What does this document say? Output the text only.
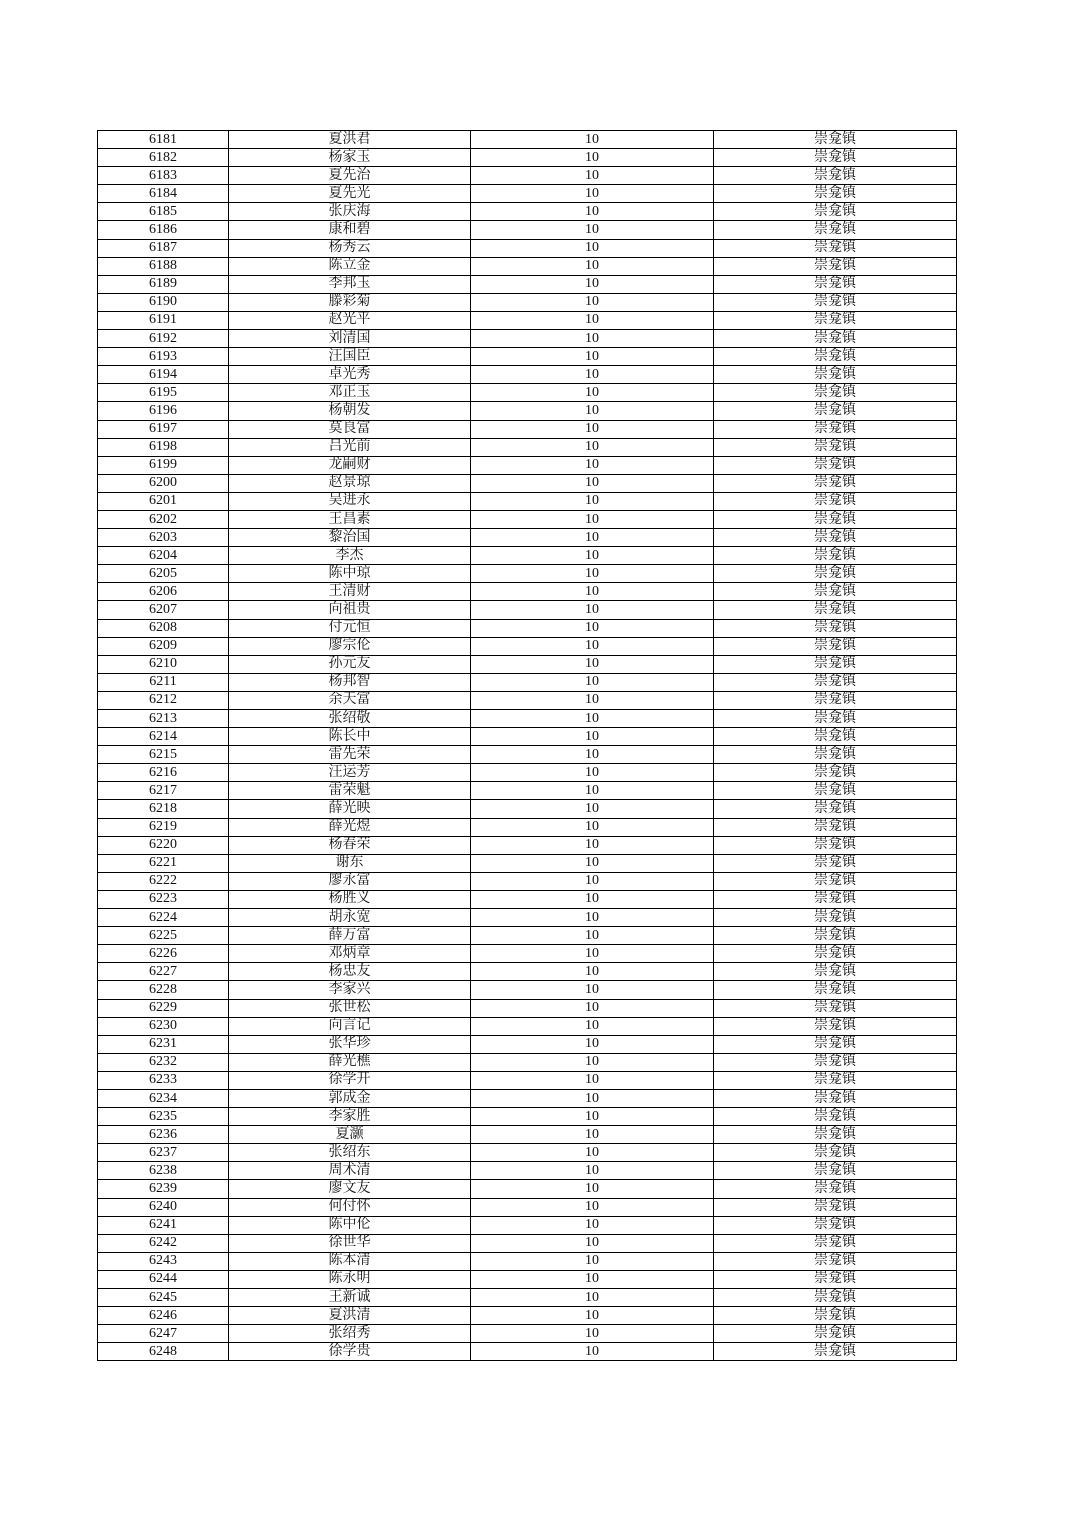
6181	夏洪君	10	崇龛镇
6182	杨家玉	10	崇龛镇
6183	夏先治	10	崇龛镇
6184	夏先光	10	崇龛镇
6185	张庆海	10	崇龛镇
6186	康和碧	10	崇龛镇
6187	杨秀云	10	崇龛镇
6188	陈立金	10	崇龛镇
6189	李邦玉	10	崇龛镇
6190	滕彩菊	10	崇龛镇
6191	赵光平	10	崇龛镇
6192	刘清国	10	崇龛镇
6193	汪国臣	10	崇龛镇
6194	卓光秀	10	崇龛镇
6195	邓正玉	10	崇龛镇
6196	杨朝发	10	崇龛镇
6197	莫良富	10	崇龛镇
6198	吕光前	10	崇龛镇
6199	龙嗣财	10	崇龛镇
6200	赵景琼	10	崇龛镇
6201	吴进永	10	崇龛镇
6202	王昌素	10	崇龛镇
6203	黎治国	10	崇龛镇
6204	李杰	10	崇龛镇
6205	陈中琼	10	崇龛镇
6206	王清财	10	崇龛镇
6207	向祖贵	10	崇龛镇
6208	付元恒	10	崇龛镇
6209	廖宗伦	10	崇龛镇
6210	孙元友	10	崇龛镇
6211	杨邦智	10	崇龛镇
6212	余天富	10	崇龛镇
6213	张绍敬	10	崇龛镇
6214	陈长中	10	崇龛镇
6215	雷先荣	10	崇龛镇
6216	汪运芳	10	崇龛镇
6217	雷荣魁	10	崇龛镇
6218	薛光映	10	崇龛镇
6219	薛光煜	10	崇龛镇
6220	杨春荣	10	崇龛镇
6221	谢东	10	崇龛镇
6222	廖永富	10	崇龛镇
6223	杨胜义	10	崇龛镇
6224	胡永宽	10	崇龛镇
6225	薛万富	10	崇龛镇
6226	邓炳章	10	崇龛镇
6227	杨忠友	10	崇龛镇
6228	李家兴	10	崇龛镇
6229	张世松	10	崇龛镇
6230	向言记	10	崇龛镇
6231	张华珍	10	崇龛镇
6232	薛光樵	10	崇龛镇
6233	徐学开	10	崇龛镇
6234	郭成金	10	崇龛镇
6235	李家胜	10	崇龛镇
6236	夏灏	10	崇龛镇
6237	张绍东	10	崇龛镇
6238	周术清	10	崇龛镇
6239	廖文友	10	崇龛镇
6240	何付怀	10	崇龛镇
6241	陈中伦	10	崇龛镇
6242	徐世华	10	崇龛镇
6243	陈本清	10	崇龛镇
6244	陈永明	10	崇龛镇
6245	王新诚	10	崇龛镇
6246	夏洪清	10	崇龛镇
6247	张绍秀	10	崇龛镇
6248	徐学贵	10	崇龛镇
